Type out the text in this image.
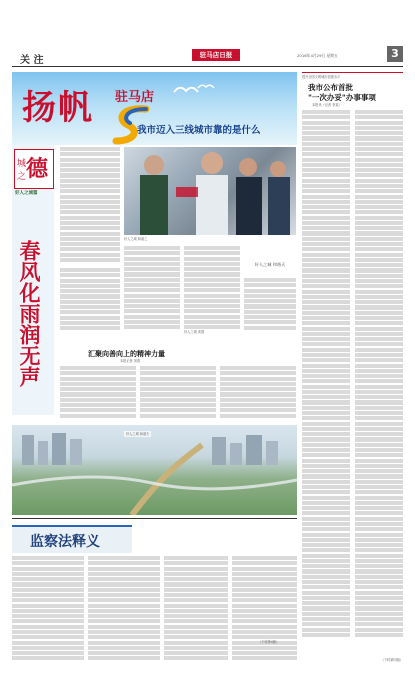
关 注	驻马店日报	2016年4月29日 星期五	3
扬帆 驻马店
我市迈入三线城市靠的是什么
德
城
之
好人之城篇
春风化雨润无声
好人之城 和谐之
好人之城 和谐天
好人之城 美德
汇聚向善向上的精神力量
本报记者 刘燕
好人之城 和谐天
提升全国文明城市创建水平
我市公布首批
"一次办妥"办事事项
本报讯（记者 李某）
（下转第四版）
监察法释义
（下转第4版）
